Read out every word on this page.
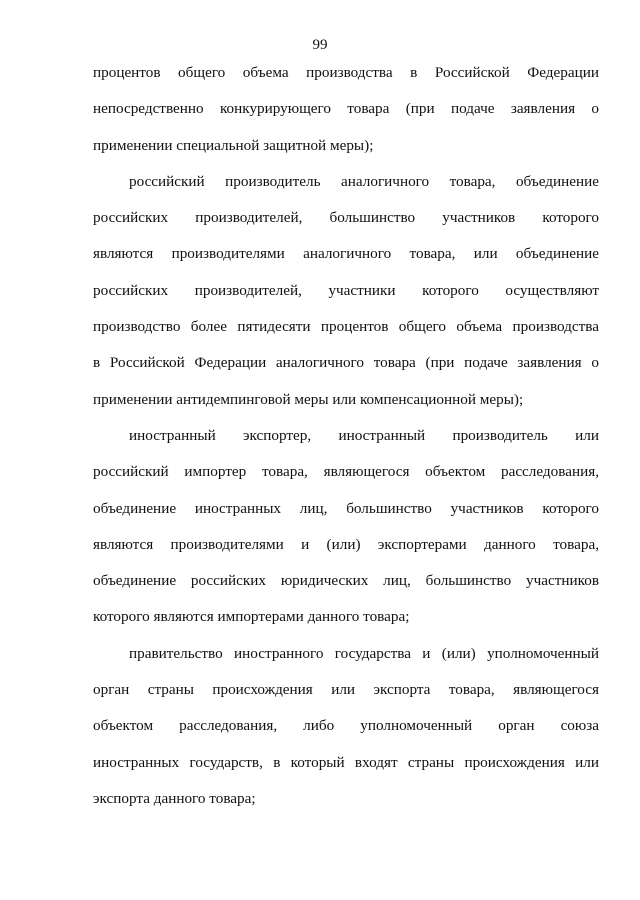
99
процентов общего объема производства в Российской Федерации
непосредственно конкурирующего товара (при подаче заявления о
применении специальной защитной меры);
российский производитель аналогичного товара, объединение
российских производителей, большинство участников которого
являются производителями аналогичного товара, или объединение
российских производителей, участники которого осуществляют
производство более пятидесяти процентов общего объема производства
в Российской Федерации аналогичного товара (при подаче заявления о
применении антидемпинговой меры или компенсационной меры);
иностранный экспортер, иностранный производитель или
российский импортер товара, являющегося объектом расследования,
объединение иностранных лиц, большинство участников которого
являются производителями и (или) экспортерами данного товара,
объединение российских юридических лиц, большинство участников
которого являются импортерами данного товара;
правительство иностранного государства и (или) уполномоченный
орган страны происхождения или экспорта товара, являющегося
объектом расследования, либо уполномоченный орган союза
иностранных государств, в который входят страны происхождения или
экспорта данного товара;
